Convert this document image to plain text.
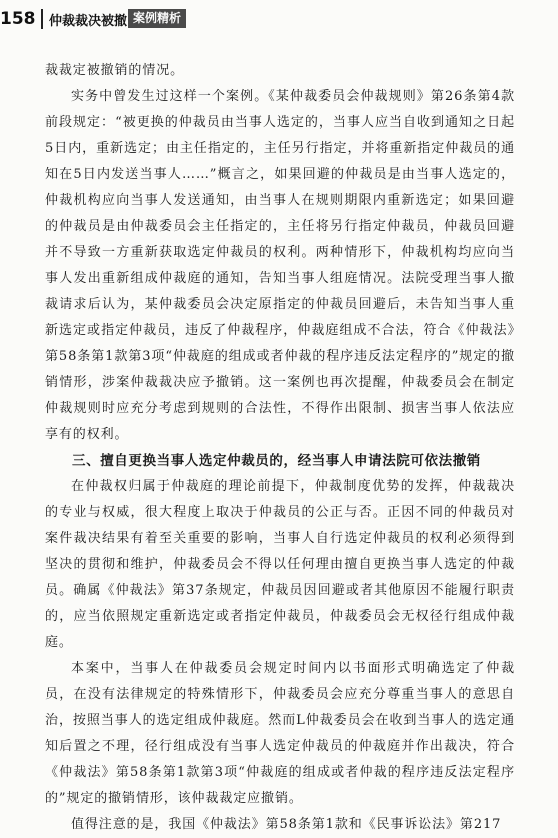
158 仲裁裁决被撤 案例精析

裁裁定被撤销的情况。

实务中曾发生过这样一个案例。《某仲裁委员会仲裁规则》第26条第4款前段规定：“被更换的仲裁员由当事人选定的，当事人应当自收到通知之日起5日内，重新选定；由主任指定的，主任另行指定，并将重新指定仲裁员的通知在5日内发送当事人……”概言之，如果回避的仲裁员是由当事人选定的，仲裁机构应向当事人发送通知，由当事人在规则期限内重新选定；如果回避的仲裁员是由仲裁委员会主任指定的，主任将另行指定仲裁员，仲裁员回避并不导致一方重新获取选定仲裁员的权利。两种情形下，仲裁机构均应向当事人发出重新组成仲裁庭的通知，告知当事人组庭情况。法院受理当事人撤裁请求后认为，某仲裁委员会决定原指定的仲裁员回避后，未告知当事人重新选定或指定仲裁员，违反了仲裁程序，仲裁庭组成不合法，符合《仲裁法》第58条第1款第3项“仲裁庭的组成或者仲裁的程序违反法定程序的”规定的撤销情形，涉案仲裁裁决应予撤销。这一案例也再次提醒，仲裁委员会在制定仲裁规则时应充分考虑到规则的合法性，不得作出限制、损害当事人依法应享有的权利。

三、擅自更换当事人选定仲裁员的，经当事人申请法院可依法撤销

在仲裁权归属于仲裁庭的理论前提下，仲裁制度优势的发挥，仲裁裁决的专业与权威，很大程度上取决于仲裁员的公正与否。正因不同的仲裁员对案件裁决结果有着至关重要的影响，当事人自行选定仲裁员的权利必须得到坚决的贯彻和维护，仲裁委员会不得以任何理由擅自更换当事人选定的仲裁员。确属《仲裁法》第37条规定，仲裁员因回避或者其他原因不能履行职责的，应当依照规定重新选定或者指定仲裁员，仲裁委员会无权径行组成仲裁庭。

本案中，当事人在仲裁委员会规定时间内以书面形式明确选定了仲裁员，在没有法律规定的特殊情形下，仲裁委员会应充分尊重当事人的意思自治，按照当事人的选定组成仲裁庭。然而L仲裁委员会在收到当事人的选定通知后置之不理，径行组成没有当事人选定仲裁员的仲裁庭并作出裁决，符合《仲裁法》第58条第1款第3项“仲裁庭的组成或者仲裁的程序违反法定程序的”规定的撤销情形，该仲裁裁定应撤销。

值得注意的是，我国《仲裁法》第58条第1款和《民事诉讼法》第217
